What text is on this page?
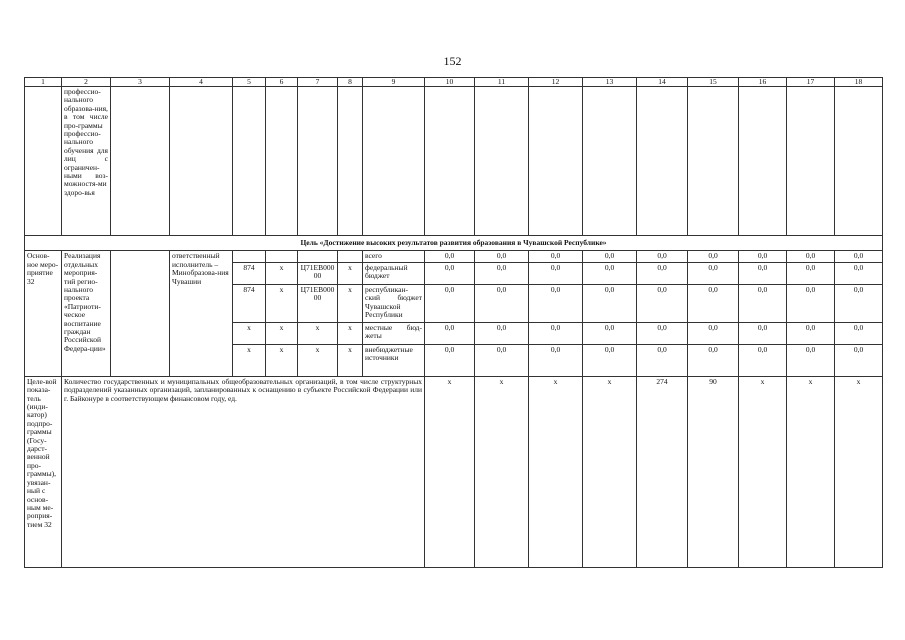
152
1	2	3	4	5	6	7	8	9	10	11	12	13	14	15	16	17	18
	профессио-нального образова-ния, в том числе про-граммы профессио-нального обучения для лиц с ограничен-ными воз-можностя-ми здоро-вья																
Цель «Достижение высоких результатов развития образования в Чувашской Республике»																	
Основ-ное меро-приятие 32	Реализация отдельных мероприя-тий регио-нального проекта «Патриоти-ческое воспитание граждан Российской Федера-ции»		ответственный исполнитель – Минобразова-ния Чувашии					всего	0,0	0,0	0,0	0,0	0,0	0,0	0,0	0,0	0,0
				874	x	Ц71ЕВ00000	x	федеральный бюджет	0,0	0,0	0,0	0,0	0,0	0,0	0,0	0,0	0,0
				874	x	Ц71ЕВ00000	x	республикан-ский бюджет Чувашской Республики	0,0	0,0	0,0	0,0	0,0	0,0	0,0	0,0	0,0
				x	x	x	x	местные бюд-жеты	0,0	0,0	0,0	0,0	0,0	0,0	0,0	0,0	0,0
				x	x	x	x	внебюджетные источники	0,0	0,0	0,0	0,0	0,0	0,0	0,0	0,0	0,0
Целе-вой показа-тель (инди-катор) подпро-граммы (Госу-дарст-венной про-граммы), увязан-ный с основ-ным ме-роприя-тием 32	Количество государственных и муниципальных общеобразовательных организаций, в том числе структурных подразделений указанных организаций, запланированных к оснащению в субъекте Российской Федерации или г. Байконуре в соответствующем финансовом году, ед.								x	x	x	x	274	90	x	x	x
